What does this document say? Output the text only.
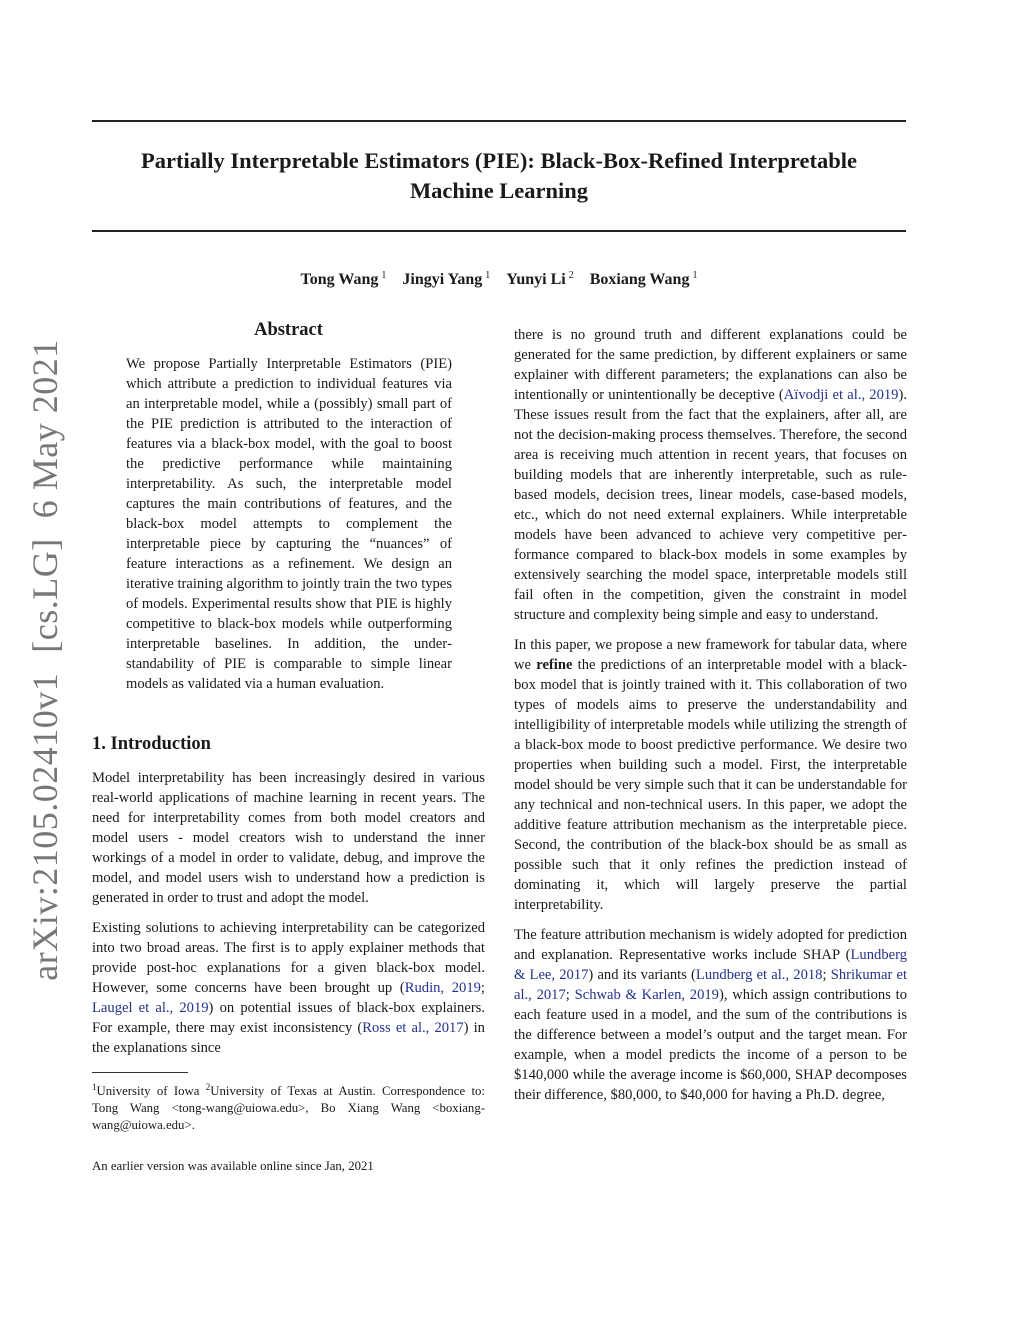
arXiv:2105.02410v1[cs.LG]6 May 2021
Partially Interpretable Estimators (PIE): Black-Box-Refined Interpretable
Machine Learning
Tong Wang $^1$ Jingyi Yang $^1$ Yunyi Li $^2$ Boxiang Wang $^1$
Abstract
We propose Partially Interpretable Estimators (PIE) which attribute a prediction to individual features via an interpretable model, while a (possibly) small part of the PIE prediction is attributed to the interaction of features via a black-box model, with the goal to boost the predictive performance while maintaining interpretability. As such, the interpretable model captures the main contributions of features, and the black-box model attempts to complement the interpretable piece by capturing the “nuances” of feature interactions as a refinement. We design an iterative training algorithm to jointly train the two types of models. Experimental results show that PIE is highly competitive to black-box models while outperforming interpretable baselines. In addition, the understandability of PIE is comparable to simple linear models as validated via a human evaluation.
1. Introduction

Model interpretability has been increasingly desired in various real-world applications of machine learning in recent years. The need for interpretability comes from both model creators and model users - model creators wish to understand the inner workings of a model in order to validate, debug, and improve the model, and model users wish to understand how a prediction is generated in order to trust and adopt the model.

Existing solutions to achieving interpretability can be categorized into two broad areas. The first is to apply explainer methods that provide post-hoc explanations for a given black-box model. However, some concerns have been brought up (Rudin, 2019; Laugel et al., 2019) on potential issues of black-box explainers. For example, there may exist inconsistency (Ross et al., 2017) in the explanations since

$^1$University of Iowa $^2$University of Texas at Austin. Correspondence to: Tong Wang <tong-wang@uiowa.edu>, Bo Xiang Wang <boxiang-wang@uiowa.edu>.

An earlier version was available online since Jan, 2021

there is no ground truth and different explanations could be generated for the same prediction, by different explainers or same explainer with different parameters; the explanations can also be intentionally or unintentionally be deceptive (Aïvodji et al., 2019). These issues result from the fact that the explainers, after all, are not the decision-making process themselves. Therefore, the second area is receiving much attention in recent years, that focuses on building models that are inherently interpretable, such as rule-based models, decision trees, linear models, case-based models, etc., which do not need external explainers. While interpretable models have been advanced to achieve very competitive performance compared to black-box models in some examples by extensively searching the model space, interpretable models still fail often in the competition, given the constraint in model structure and complexity being simple and easy to understand.

In this paper, we propose a new framework for tabular data, where we refine the predictions of an interpretable model with a black-box model that is jointly trained with it. This collaboration of two types of models aims to preserve the understandability and intelligibility of interpretable models while utilizing the strength of a black-box mode to boost predictive performance. We desire two properties when building such a model. First, the interpretable model should be very simple such that it can be understandable for any technical and non-technical users. In this paper, we adopt the additive feature attribution mechanism as the interpretable piece. Second, the contribution of the black-box should be as small as possible such that it only refines the prediction instead of dominating it, which will largely preserve the partial interpretability.

The feature attribution mechanism is widely adopted for prediction and explanation. Representative works include SHAP (Lundberg & Lee, 2017) and its variants (Lundberg et al., 2018; Shrikumar et al., 2017; Schwab & Karlen, 2019), which assign contributions to each feature used in a model, and the sum of the contributions is the difference between a model’s output and the target mean. For example, when a model predicts the income of a person to be $140,000 while the average income is $60,000, SHAP decomposes their difference, $80,000, to $40,000 for having a Ph.D. degree,
